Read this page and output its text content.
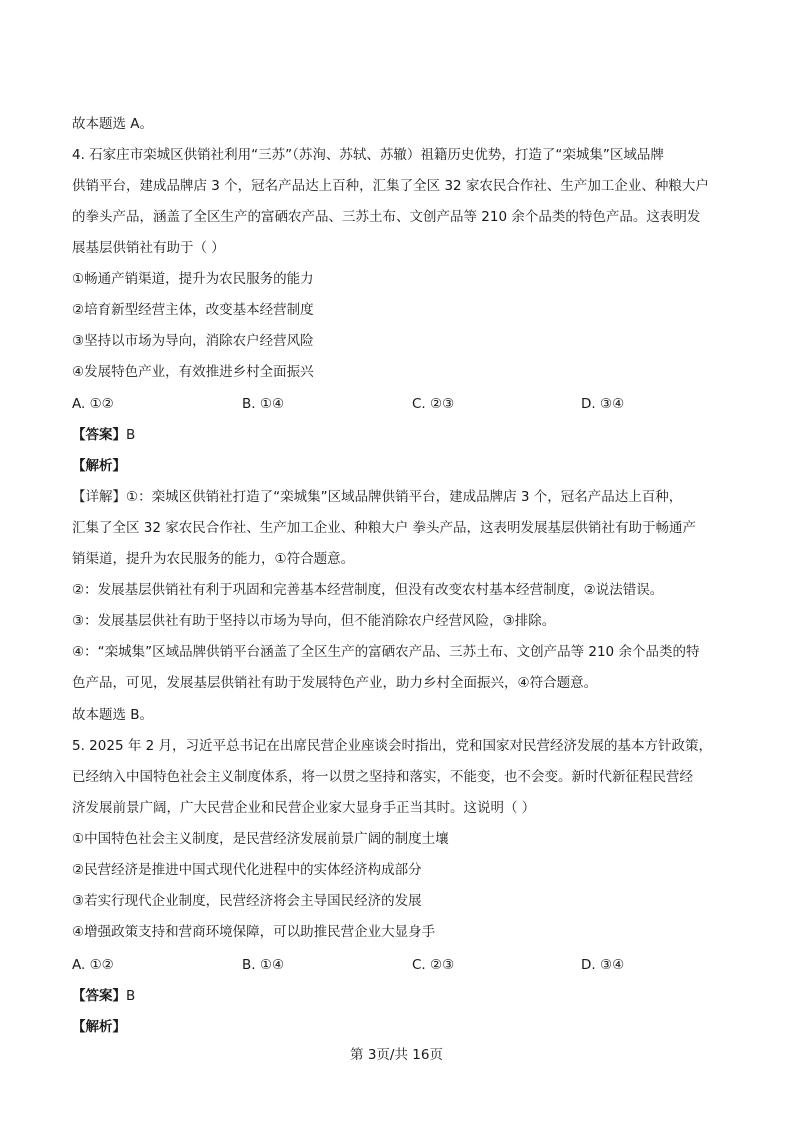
故本题选 A。
4. 石家庄市栾城区供销社利用“三苏”（苏洵、苏轼、苏辙）祖籍历史优势，打造了“栾城集”区域品牌
供销平台，建成品牌店 3 个，冠名产品达上百种，汇集了全区 32 家农民合作社、生产加工企业、种粮大户
的拳头产品，涵盖了全区生产的富硒农产品、三苏土布、文创产品等 210 余个品类的特色产品。这表明发
展基层供销社有助于（ ）
①畅通产销渠道，提升为农民服务的能力
②培育新型经营主体，改变基本经营制度
③坚持以市场为导向，消除农户经营风险
④发展特色产业，有效推进乡村全面振兴
A. ①②	B. ①④	C. ②③	D. ③④
【答案】B
【解析】
【详解】①：栾城区供销社打造了“栾城集”区域品牌供销平台，建成品牌店 3 个，冠名产品达上百种，
汇集了全区 32 家农民合作社、生产加工企业、种粮大户 拳头产品，这表明发展基层供销社有助于畅通产
销渠道，提升为农民服务的能力，①符合题意。
②：发展基层供销社有利于巩固和完善基本经营制度，但没有改变农村基本经营制度，②说法错误。
③：发展基层供社有助于坚持以市场为导向，但不能消除农户经营风险，③排除。
④：“栾城集”区域品牌供销平台涵盖了全区生产的富硒农产品、三苏土布、文创产品等 210 余个品类的特
色产品，可见，发展基层供销社有助于发展特色产业，助力乡村全面振兴，④符合题意。
故本题选 B。
5. 2025 年 2 月，习近平总书记在出席民营企业座谈会时指出，党和国家对民营经济发展的基本方针政策，
已经纳入中国特色社会主义制度体系，将一以贯之坚持和落实，不能变，也不会变。新时代新征程民营经
济发展前景广阔，广大民营企业和民营企业家大显身手正当其时。这说明（ ）
①中国特色社会主义制度，是民营经济发展前景广阔的制度土壤
②民营经济是推进中国式现代化进程中的实体经济构成部分
③若实行现代企业制度，民营经济将会主导国民经济的发展
④增强政策支持和营商环境保障，可以助推民营企业大显身手
A. ①②	B. ①④	C. ②③	D. ③④
【答案】B
【解析】
第 3页/共 16页
